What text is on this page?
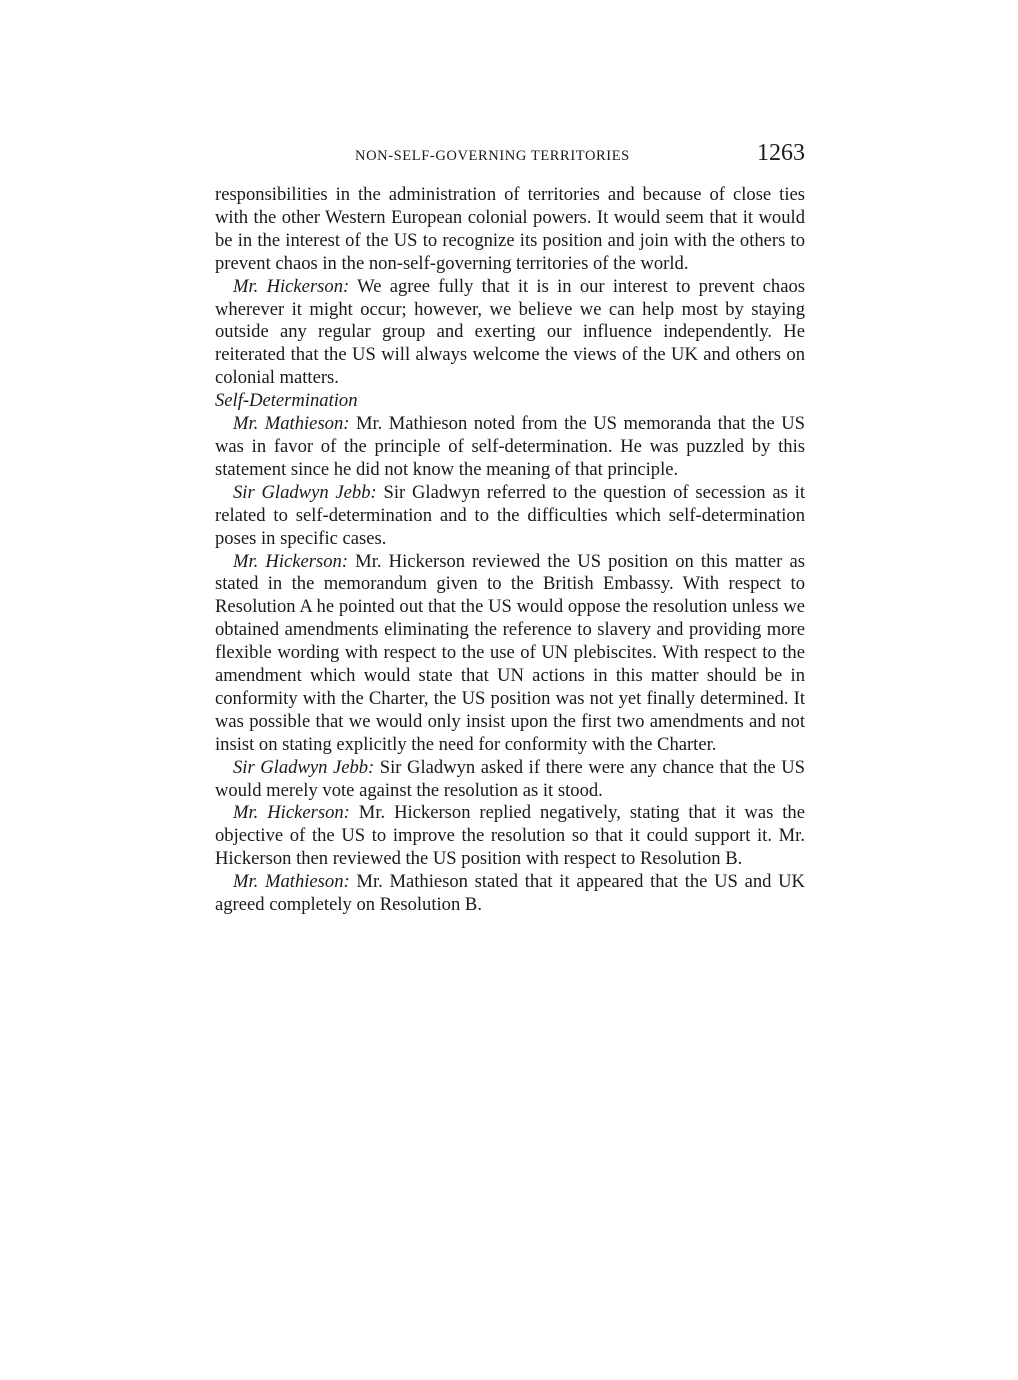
NON-SELF-GOVERNING TERRITORIES	1263

responsibilities in the administration of territories and because of close ties with the other Western European colonial powers. It would seem that it would be in the interest of the US to recognize its position and join with the others to prevent chaos in the non-self-governing territories of the world.

Mr. Hickerson: We agree fully that it is in our interest to prevent chaos wherever it might occur; however, we believe we can help most by staying outside any regular group and exerting our influence independently. He reiterated that the US will always welcome the views of the UK and others on colonial matters.

Self-Determination

Mr. Mathieson: Mr. Mathieson noted from the US memoranda that the US was in favor of the principle of self-determination. He was puzzled by this statement since he did not know the meaning of that principle.

Sir Gladwyn Jebb: Sir Gladwyn referred to the question of secession as it related to self-determination and to the difficulties which self-determination poses in specific cases.

Mr. Hickerson: Mr. Hickerson reviewed the US position on this matter as stated in the memorandum given to the British Embassy. With respect to Resolution A he pointed out that the US would oppose the resolution unless we obtained amendments eliminating the reference to slavery and providing more flexible wording with respect to the use of UN plebiscites. With respect to the amendment which would state that UN actions in this matter should be in conformity with the Charter, the US position was not yet finally determined. It was possible that we would only insist upon the first two amendments and not insist on stating explicitly the need for conformity with the Charter.

Sir Gladwyn Jebb: Sir Gladwyn asked if there were any chance that the US would merely vote against the resolution as it stood.

Mr. Hickerson: Mr. Hickerson replied negatively, stating that it was the objective of the US to improve the resolution so that it could support it. Mr. Hickerson then reviewed the US position with respect to Resolution B.

Mr. Mathieson: Mr. Mathieson stated that it appeared that the US and UK agreed completely on Resolution B.
